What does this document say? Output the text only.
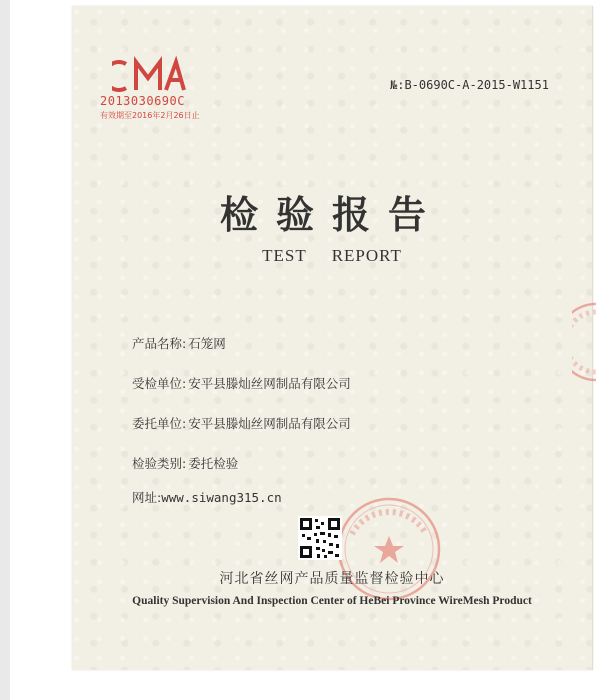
2013030690C
有效期至2016年2月26日止
№:B-0690C-A-2015-W1151
检验报告
TEST REPORT
产品名称: 石笼网
受检单位: 安平县滕灿丝网制品有限公司
委托单位: 安平县滕灿丝网制品有限公司
检验类别: 委托检验
网址:www.siwang315.cn
河北省丝网产品质量监督检验中心
Quality Supervision And Inspection Center of HeBei Province WireMesh Product
